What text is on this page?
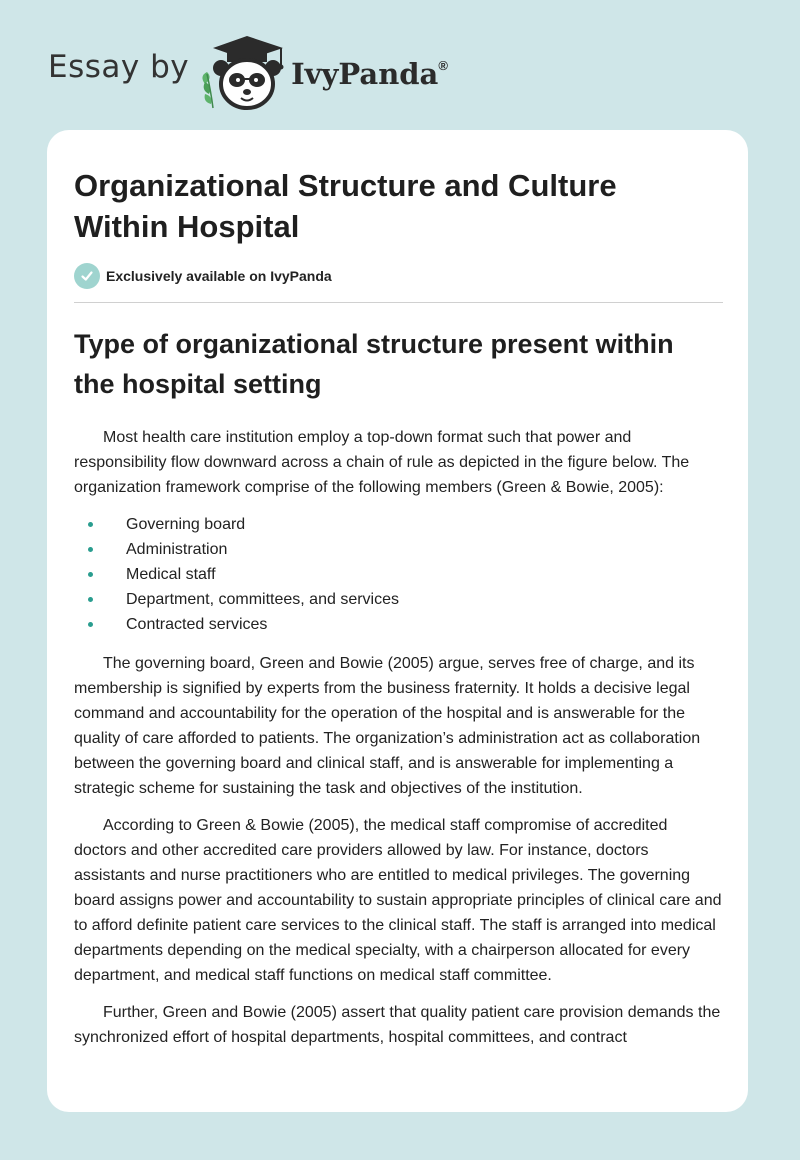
Essay by	IvyPanda®
Organizational Structure and Culture Within Hospital
Exclusively available on IvyPanda
Type of organizational structure present within the hospital setting

Most health care institution employ a top-down format such that power and responsibility flow downward across a chain of rule as depicted in the figure below. The organization framework comprise of the following members (Green & Bowie, 2005):

Governing board
Administration
Medical staff
Department, committees, and services
Contracted services

The governing board, Green and Bowie (2005) argue, serves free of charge, and its membership is signified by experts from the business fraternity. It holds a decisive legal command and accountability for the operation of the hospital and is answerable for the quality of care afforded to patients. The organization’s administration act as collaboration between the governing board and clinical staff, and is answerable for implementing a strategic scheme for sustaining the task and objectives of the institution.

According to Green & Bowie (2005), the medical staff compromise of accredited doctors and other accredited care providers allowed by law. For instance, doctors assistants and nurse practitioners who are entitled to medical privileges. The governing board assigns power and accountability to sustain appropriate principles of clinical care and to afford definite patient care services to the clinical staff. The staff is arranged into medical departments depending on the medical specialty, with a chairperson allocated for every department, and medical staff functions on medical staff committee.

Further, Green and Bowie (2005) assert that quality patient care provision demands the synchronized effort of hospital departments, hospital committees, and contract
